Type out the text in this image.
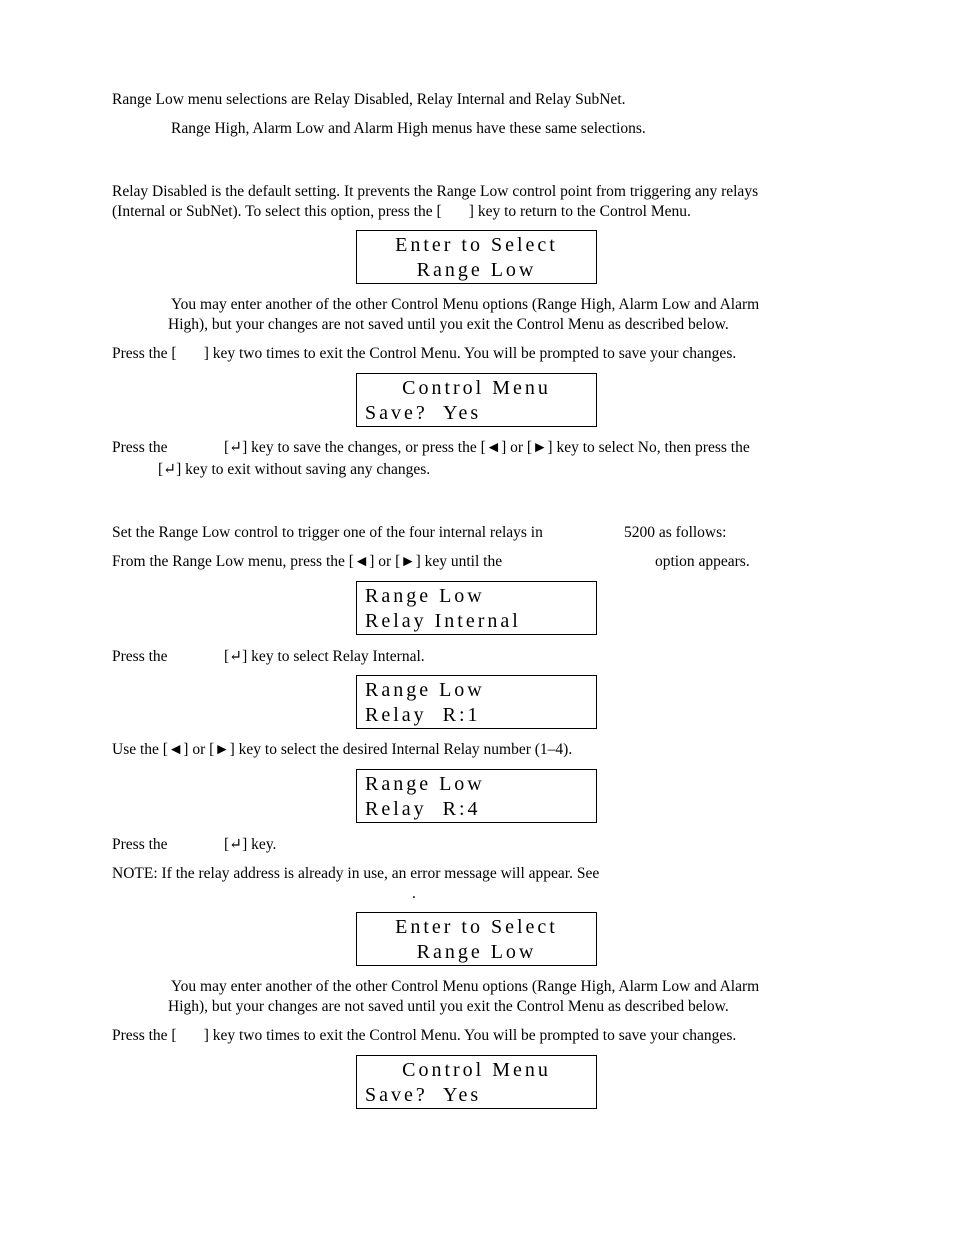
Range Low menu selections are Relay Disabled, Relay Internal and Relay SubNet.
Range High, Alarm Low and Alarm High menus have these same selections.
Relay Disabled is the default setting. It prevents the Range Low control point from triggering any relays
(Internal or SubNet). To select this option, press the [       ] key to return to the Control Menu.
Enter to Select
Range Low
You may enter another of the other Control Menu options (Range High, Alarm Low and Alarm
High), but your changes are not saved until you exit the Control Menu as described below.
Press the [       ] key two times to exit the Control Menu. You will be prompted to save your changes.
Control Menu
Save?  Yes
Press the	[↵] key to save the changes, or press the [◄] or [►] key to select No, then press the
[↵] key to exit without saving any changes.
Set the Range Low control to trigger one of the four internal relays in	5200 as follows:
From the Range Low menu, press the [◄] or [►] key until the	option appears.
Range Low
Relay Internal
Press the	[↵] key to select Relay Internal.
Range Low
Relay  R:1
Use the [◄] or [►] key to select the desired Internal Relay number (1–4).
Range Low
Relay  R:4
Press the	[↵] key.
NOTE: If the relay address is already in use, an error message will appear. See
.
Enter to Select
Range Low
You may enter another of the other Control Menu options (Range High, Alarm Low and Alarm
High), but your changes are not saved until you exit the Control Menu as described below.
Press the [       ] key two times to exit the Control Menu. You will be prompted to save your changes.
Control Menu
Save?  Yes
